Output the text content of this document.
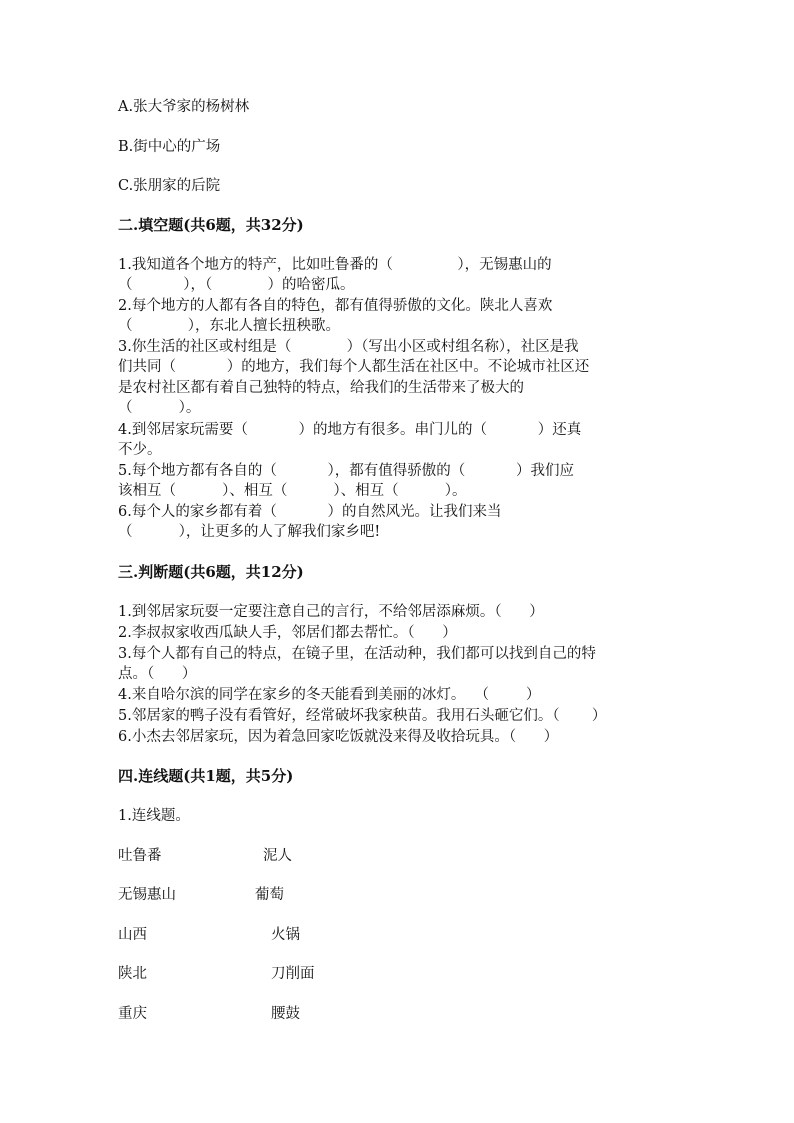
A.张大爷家的杨树林
B.街中心的广场
C.张朋家的后院
二.填空题(共6题，共32分)
1.我知道各个地方的特产，比如吐鲁番的（              ），无锡惠山的
（           ），（            ）的哈密瓜。
2.每个地方的人都有各自的特色，都有值得骄傲的文化。陕北人喜欢
（            ），东北人擅长扭秧歌。
3.你生活的社区或村组是（            ）（写出小区或村组名称），社区是我
们共同（           ）的地方，我们每个人都生活在社区中。不论城市社区还
是农村社区都有着自己独特的特点，给我们的生活带来了极大的
（          ）。
4.到邻居家玩需要（           ）的地方有很多。串门儿的（           ）还真
不少。
5.每个地方都有各自的（           ），都有值得骄傲的（           ）我们应
该相互（          ）、相互（          ）、相互（          ）。
6.每个人的家乡都有着（           ）的自然风光。让我们来当
（          ），让更多的人了解我们家乡吧!
三.判断题(共6题，共12分)
1.到邻居家玩耍一定要注意自己的言行，不给邻居添麻烦。（      ）
2.李叔叔家收西瓜缺人手，邻居们都去帮忙。（      ）
3.每个人都有自己的特点，在镜子里，在活动种，我们都可以找到自己的特
点。（      ）
4.来自哈尔滨的同学在家乡的冬天能看到美丽的冰灯。  （        ）
5.邻居家的鸭子没有看管好，经常破坏我家秧苗。我用石头砸它们。（       ）
6.小杰去邻居家玩，因为着急回家吃饭就没来得及收拾玩具。（      ）
四.连线题(共1题，共5分)
1.连线题。
吐鲁番	泥人
无锡惠山	葡萄
山西	火锅
陕北	刀削面
重庆	腰鼓
